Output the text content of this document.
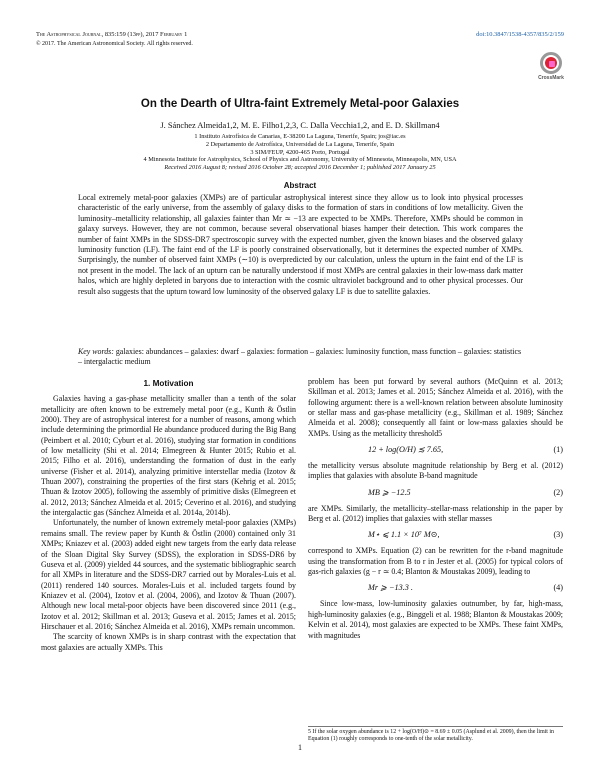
The Astrophysical Journal, 835:159 (13pp), 2017 February 1
© 2017. The American Astronomical Society. All rights reserved.
doi:10.3847/1538-4357/835/2/159
CrossMark
On the Dearth of Ultra-faint Extremely Metal-poor Galaxies
J. Sánchez Almeida1,2, M. E. Filho1,2,3, C. Dalla Vecchia1,2, and E. D. Skillman4
1 Instituto Astrofísica de Canarias, E-38200 La Laguna, Tenerife, Spain; jos@iac.es
2 Departamento de Astrofísica, Universidad de La Laguna, Tenerife, Spain
3 SIM/FEUP, 4200-465 Porto, Portugal
4 Minnesota Institute for Astrophysics, School of Physics and Astronomy, University of Minnesota, Minneapolis, MN, USA
Received 2016 August 8; revised 2016 October 28; accepted 2016 December 1; published 2017 January 25
Abstract
Local extremely metal-poor galaxies (XMPs) are of particular astrophysical interest since they allow us to look into physical processes characteristic of the early universe, from the assembly of galaxy disks to the formation of stars in conditions of low metallicity. Given the luminosity–metallicity relationship, all galaxies fainter than Mr ≃ −13 are expected to be XMPs. Therefore, XMPs should be common in galaxy surveys. However, they are not common, because several observational biases hamper their detection. This work compares the number of faint XMPs in the SDSS-DR7 spectroscopic survey with the expected number, given the known biases and the observed galaxy luminosity function (LF). The faint end of the LF is poorly constrained observationally, but it determines the expected number of XMPs. Surprisingly, the number of observed faint XMPs (∼10) is overpredicted by our calculation, unless the upturn in the faint end of the LF is not present in the model. The lack of an upturn can be naturally understood if most XMPs are central galaxies in their low-mass dark matter halos, which are highly depleted in baryons due to interaction with the cosmic ultraviolet background and to other physical processes. Our result also suggests that the upturn toward low luminosity of the observed galaxy LF is due to satellite galaxies.
Key words: galaxies: abundances – galaxies: dwarf – galaxies: formation – galaxies: luminosity function, mass function – galaxies: statistics – intergalactic medium
1. Motivation

Galaxies having a gas-phase metallicity smaller than a tenth of the solar metallicity are often known to be extremely metal poor (e.g., Kunth & Östlin 2000). They are of astrophysical interest for a number of reasons, among which include determining the primordial He abundance produced during the Big Bang (Peimbert et al. 2010; Cyburt et al. 2016), studying star formation in conditions of low metallicity (Shi et al. 2014; Elmegreen & Hunter 2015; Rubio et al. 2015; Filho et al. 2016), understanding the formation of dust in the early universe (Fisher et al. 2014), analyzing primitive interstellar media (Izotov & Thuan 2007), constraining the properties of the first stars (Kehrig et al. 2015; Thuan & Izotov 2005), following the assembly of primitive disks (Elmegreen et al. 2012, 2013; Sánchez Almeida et al. 2015; Ceverino et al. 2016), and studying the intergalactic gas (Sánchez Almeida et al. 2014a, 2014b).

Unfortunately, the number of known extremely metal-poor galaxies (XMPs) remains small. The review paper by Kunth & Östlin (2000) contained only 31 XMPs; Kniazev et al. (2003) added eight new targets from the early data release of the Sloan Digital Sky Survey (SDSS), the exploration in SDSS-DR6 by Guseva et al. (2009) yielded 44 sources, and the systematic bibliographic search for all XMPs in literature and the SDSS-DR7 carried out by Morales-Luis et al. (2011) rendered 140 sources. Morales-Luis et al. included targets found by Kniazev et al. (2004), Izotov et al. (2004, 2006), and Izotov & Thuan (2007). Although new local metal-poor objects have been discovered since 2011 (e.g., Izotov et al. 2012; Skillman et al. 2013; Guseva et al. 2015; James et al. 2015; Hirschauer et al. 2016; Sánchez Almeida et al. 2016), XMPs remain uncommon.

The scarcity of known XMPs is in sharp contrast with the expectation that most galaxies are actually XMPs. This

problem has been put forward by several authors (McQuinn et al. 2013; Skillman et al. 2013; James et al. 2015; Sánchez Almeida et al. 2016), with the following argument: there is a well-known relation between absolute luminosity or stellar mass and gas-phase metallicity (e.g., Skillman et al. 1989; Sánchez Almeida et al. 2008); consequently all faint or low-mass galaxies should be XMPs. Using as the metallicity threshold5

12 + log(O/H) ≲ 7.65,	(1)

the metallicity versus absolute magnitude relationship by Berg et al. (2012) implies that galaxies with absolute B-band magnitude

MB ⩾ −12.5	(2)

are XMPs. Similarly, the metallicity–stellar-mass relationship in the paper by Berg et al. (2012) implies that galaxies with stellar masses

M⋆ ⩽ 1.1 × 10⁷ M⊙,	(3)

correspond to XMPs. Equation (2) can be rewritten for the r-band magnitude using the transformation from B to r in Jester et al. (2005) for typical colors of gas-rich galaxies (g − r ≃ 0.4; Blanton & Moustakas 2009), leading to

Mr ⩾ −13.3 .	(4)

Since low-mass, low-luminosity galaxies outnumber, by far, high-mass, high-luminosity galaxies (e.g., Binggeli et al. 1988; Blanton & Moustakas 2009; Kelvin et al. 2014), most galaxies are expected to be XMPs. These faint XMPs, with magnitudes

5 If the solar oxygen abundance is 12 + log(O/H)⊙ = 8.69 ± 0.05 (Asplund et al. 2009), then the limit in Equation (1) roughly corresponds to one-tenth of the solar metallicity.
1
